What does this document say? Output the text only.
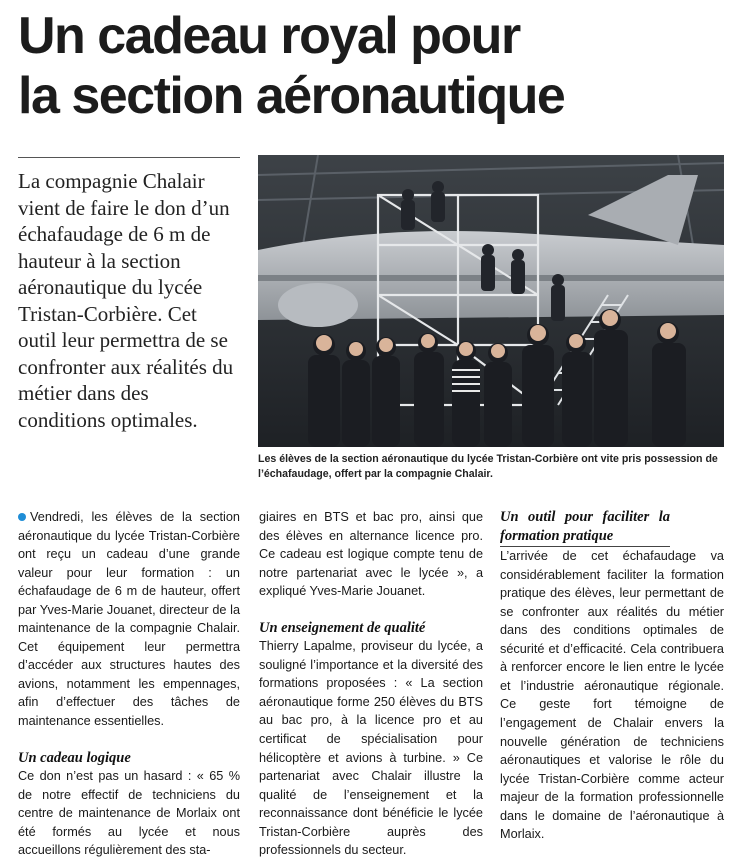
Un cadeau royal pour
la section aéronautique

La compagnie Chalair vient de faire le don d’un échafaudage de 6 m de hauteur à la section aéronautique du lycée Tristan-Corbière. Cet outil leur permettra de se confronter aux réalités du métier dans des conditions optimales.

Les élèves de la section aéronautique du lycée Tristan-Corbière ont vite pris possession de l’échafaudage, offert par la compagnie Chalair.

Vendredi, les élèves de la section aéronautique du lycée Tristan-Corbière ont reçu un cadeau d’une grande valeur pour leur formation : un échafaudage de 6 m de hauteur, offert par Yves-Marie Jouanet, directeur de la maintenance de la compagnie Chalair. Cet équipement leur permettra d’accéder aux structures hautes des avions, notamment les empennages, afin d’effectuer des tâches de maintenance essentielles.

Un cadeau logique

Ce don n’est pas un hasard : « 65 % de notre effectif de techniciens du centre de maintenance de Morlaix ont été formés au lycée et nous accueillons régulièrement des sta-

giaires en BTS et bac pro, ainsi que des élèves en alternance licence pro. Ce cadeau est logique compte tenu de notre partenariat avec le lycée », a expliqué Yves-Marie Jouanet.

Un enseignement de qualité

Thierry Lapalme, proviseur du lycée, a souligné l’importance et la diversité des formations proposées : « La section aéronautique forme 250 élèves du BTS au bac pro, à la licence pro et au certificat de spécialisation pour hélicoptère et avions à turbine. » Ce partenariat avec Chalair illustre la qualité de l’enseignement et la reconnaissance dont bénéficie le lycée Tristan-Corbière auprès des professionnels du secteur.

Un outil pour faciliter la formation pratique

L’arrivée de cet échafaudage va considérablement faciliter la formation pratique des élèves, leur permettant de se confronter aux réalités du métier dans des conditions optimales de sécurité et d’efficacité. Cela contribuera à renforcer encore le lien entre le lycée et l’industrie aéronautique régionale. Ce geste fort témoigne de l’engagement de Chalair envers la nouvelle génération de techniciens aéronautiques et valorise le rôle du lycée Tristan-Corbière comme acteur majeur de la formation professionnelle dans le domaine de l’aéronautique à Morlaix.
